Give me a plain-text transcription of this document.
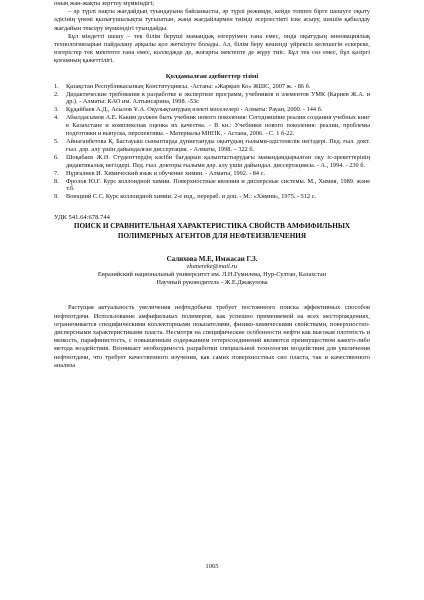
оның жан-жақты зерттеу мүмкіндігі;

– әр түрлі нақты жағдайдың туындауына байланысты, әр түрлі режимде, кейде топпен бірге шешуге оқыту әдісінің үнемі қызығушылықты туғызатын, жаңа жағдайлармен тиімді әсерлестікті іске асыру, шешім қабылдау жағдайын тексеру мүмкіндігі туындайды.

Бұл міндетті шешу – тек білім беруші мамандық өзгеруімен ғана емес, онда оқытудың инновациялық технологияларын пайдалану арқылы қол жеткізуге болады. Ал, білім беру кешенді үйрексіз келешегін ескереке, өзгерістер тек мектепте ғана емес, колледжде де, жоғарғы мектепте де жүру тиіс. Бұл тек сөз емес, бұл қазіргі қоғамның қажеттілігі.

Қолданылған әдебиеттер тізімі

1. Қазақстан Республикасының Конституциясы. -Астана: «Жарқын Ко» ЖШС, 2007 ж. - 86 б.
2. Дидактические требования к разработке и экспертизе программ, учебников и элементов УМК (Кариев Ж.А. и др.). - Алматы: КАО им. Алтынсарина, 1998. -53с
3. Құдайбаев А.Д., Асылов Ұ.А. Оқулықтанудың өзекті мәселелері - Алматы: Рауан, 2000. - 144 б.
4. Абылдасымов А.Е. Каким должен быть учебник нового поколения: Сегодняшние реалии создания учебных книг в Казахстане и комплексная оценка их качества. - В кн.: Учебники нового поколения: реалии, проблемы подготовки и выпуска, перспективы. - Материалы МНПК. - Астана, 2006. - С. 1 б-22.
5. Айнаганбетова Қ. Бастауыш сыныптарда дүниетануды оқытудың ғылыми-әдістемелік негіздері. Пед. ғыл. докт. ғыл. дәр. алу үшін дайындалған диссертация. - Алматы, 1998. – 322 б.
6. Шоқабаев Ж.Ә. Студенттердің кәсіби бағдарын қалыптастырудағы мамандандырылған оқу іс-әрекеттерінің дидактикалық негіздері. Пед. ғыл. докторы ғылыми дәр. алу үшін дайындал. диссертациясы. - А., 1994. - 230 б.
7. Нұрғалиев И. Химический язык и обучение химии. - Алматы, 1992. - 84 с.
8. Фролов Ю.Г. Курс коллоидной химии. Поверхностные явления и дисперсные системы. М., Химия, 1989. және т.б.
9. Воюцкий С.С. Курс коллоидной химии. 2-е изд., перераб. и доп. - М.: «Химия», 1975. - 512 с.

УДК 541.64:678.744

ПОИСК И СРАВНИТЕЛЬНАЯ ХАРАКТЕРИСТИКА СВОЙСТВ АМФИФИЛЬНЫХ

ПОЛИМЕРНЫХ АГЕНТОВ ДЛЯ НЕФТЕИЗВЛЕЧЕНИЯ

Салихова М.Е, Имжасан Г.З.

zhanereke@mail.ru

Евразийский национальный университет им. Л.Н.Гумилева, Нур-Султан, Казахстан

Научный руководитель - Ж.Е.Джакупова

Растущая актуальность увеличения нефтедобычи требует постоянного поиска эффективных способов нефтеотдачи. Использование амфифильных полимеров, как успешно применяемой на всех месторождениях, ограничивается специфическими коллекторными показателями, физико-химическими свойствами, поверхностно-дисперсными характеристиками пласта. Несмотря на специфические особенности нефти как высокая плотность и вязкость, парафинистость, с повышенным содержанием гетеросоединений являются преимуществом какого-либо метода воздействия. Возникает необходимость разработки специальной технологии воздействия для увеличения нефтеотдачи, что требует качественного изучения, как самих поверхностных сил пласта, так и качественного анализа

1065
